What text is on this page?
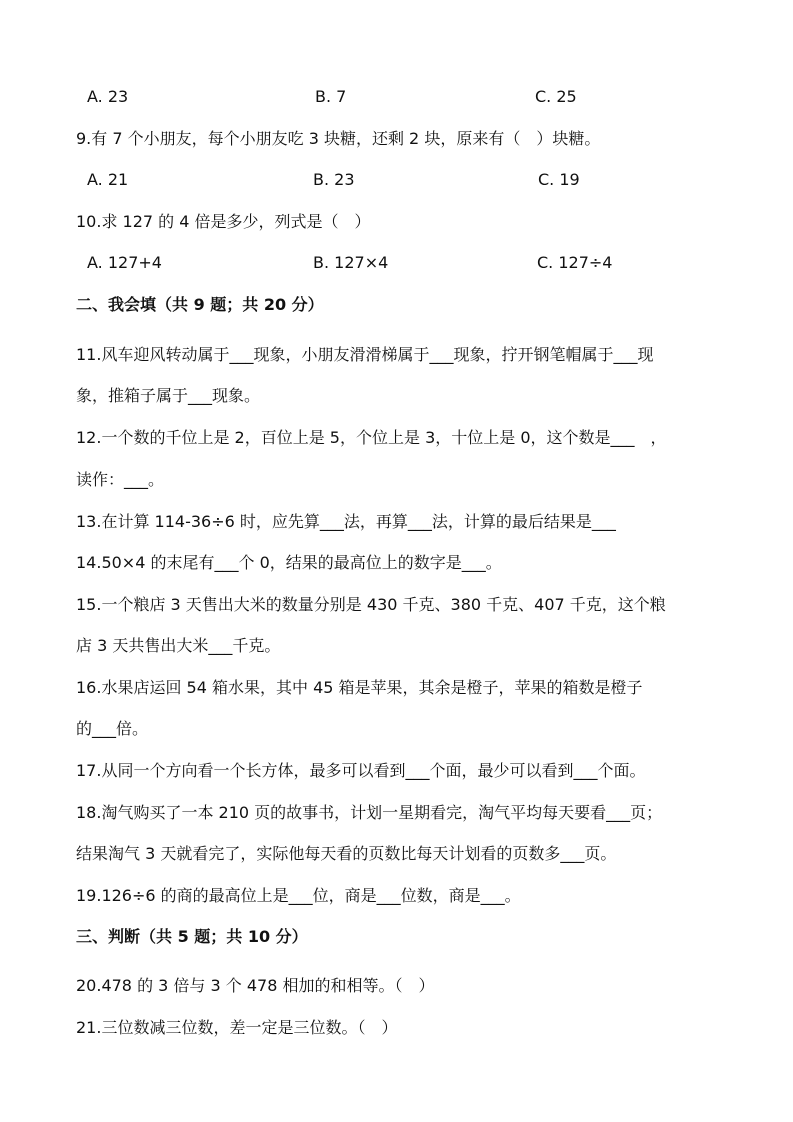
A. 23	B. 7	C. 25
9.有 7 个小朋友，每个小朋友吃 3 块糖，还剩 2 块，原来有（　）块糖。
A. 21	B. 23	C. 19
10.求 127 的 4 倍是多少，列式是（　）
A. 127+4	B. 127×4	C. 127÷4
二、我会填（共 9 题；共 20 分）
11.风车迎风转动属于___现象，小朋友滑滑梯属于___现象，拧开钢笔帽属于___现
象，推箱子属于___现象。
12.一个数的千位上是 2，百位上是 5，个位上是 3，十位上是 0，这个数是___　，
读作：___。
13.在计算 114-36÷6 时，应先算___法，再算___法，计算的最后结果是___
14.50×4 的末尾有___个 0，结果的最高位上的数字是___。
15.一个粮店 3 天售出大米的数量分别是 430 千克、380 千克、407 千克，这个粮
店 3 天共售出大米___千克。
16.水果店运回 54 箱水果，其中 45 箱是苹果，其余是橙子，苹果的箱数是橙子
的___倍。
17.从同一个方向看一个长方体，最多可以看到___个面，最少可以看到___个面。
18.淘气购买了一本 210 页的故事书，计划一星期看完，淘气平均每天要看___页；
结果淘气 3 天就看完了，实际他每天看的页数比每天计划看的页数多___页。
19.126÷6 的商的最高位上是___位，商是___位数，商是___。
三、判断（共 5 题；共 10 分）
20.478 的 3 倍与 3 个 478 相加的和相等。（　）
21.三位数减三位数，差一定是三位数。（　）
